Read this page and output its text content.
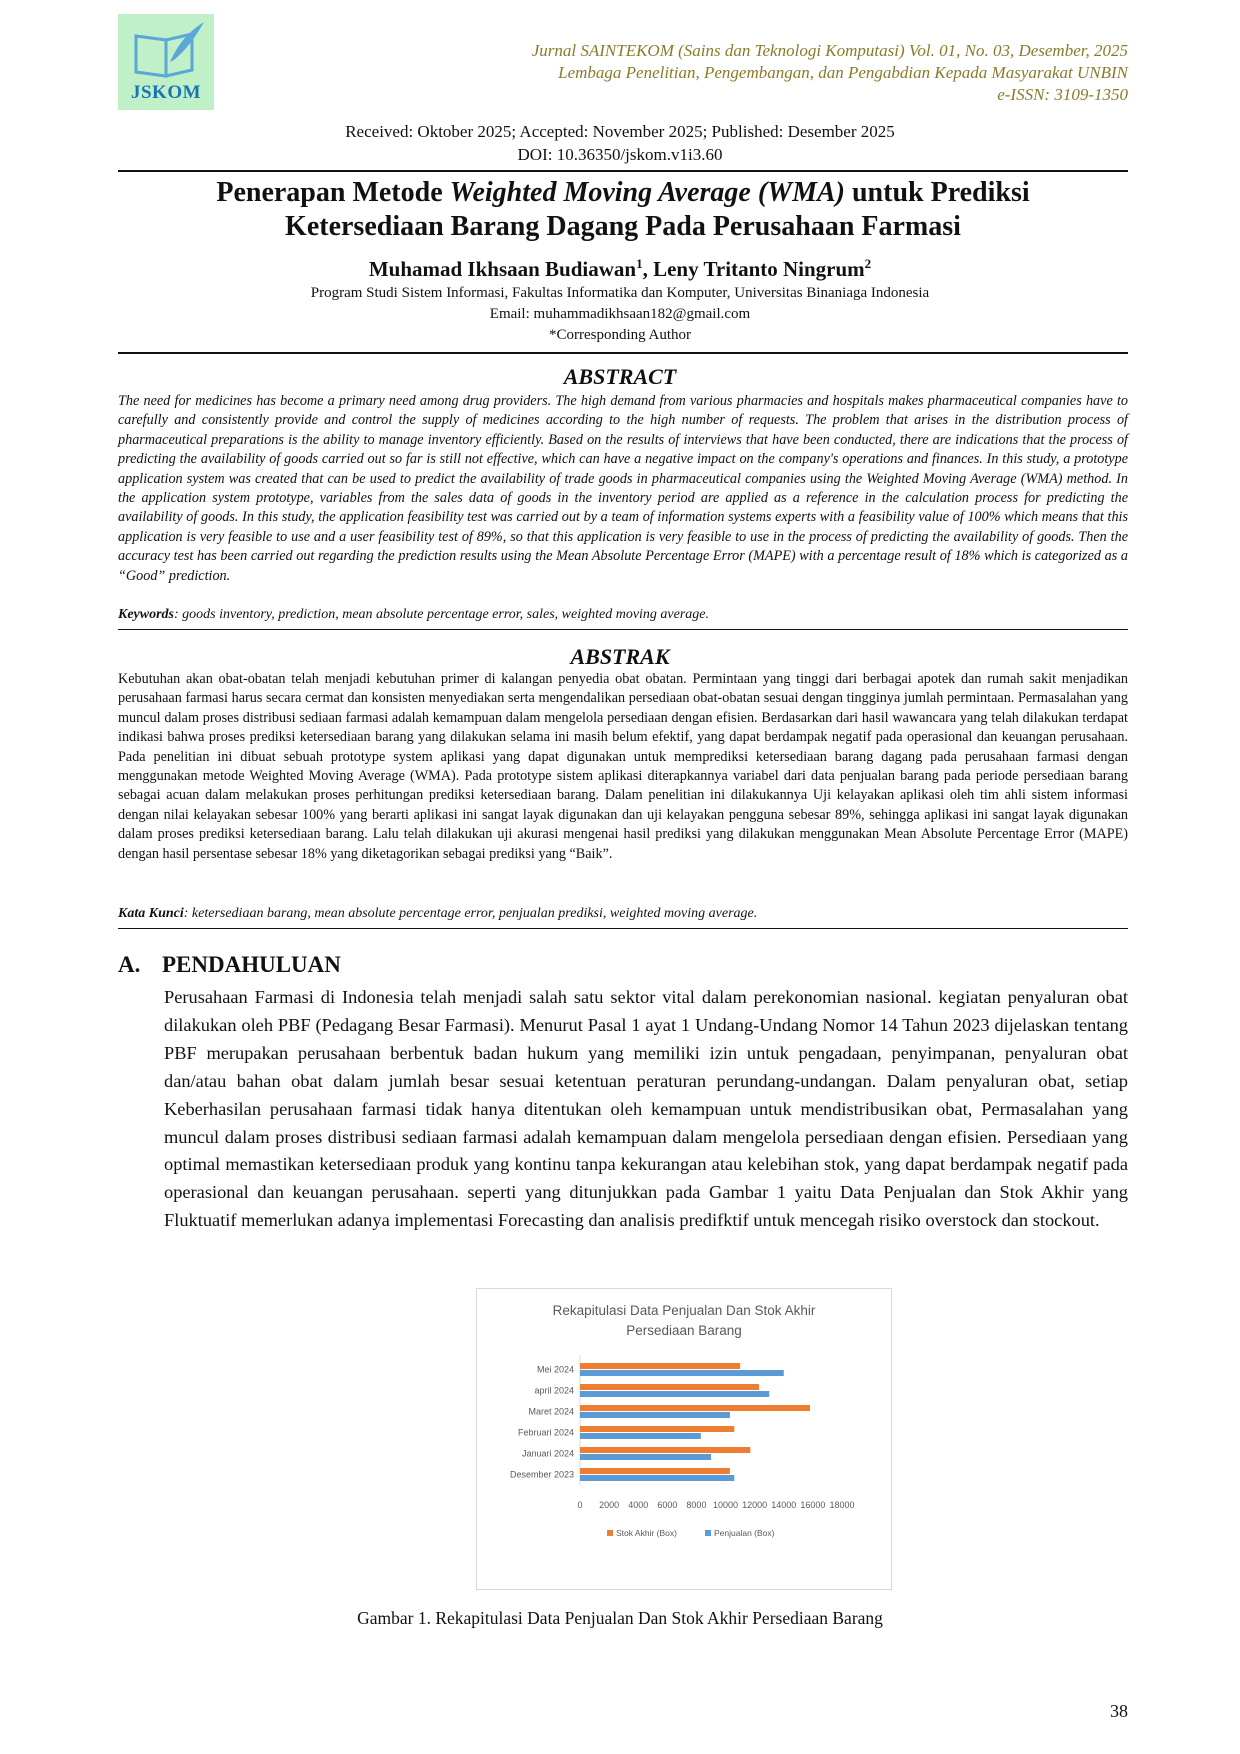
JSKOM
Jurnal SAINTEKOM (Sains dan Teknologi Komputasi) Vol. 01, No. 03, Desember, 2025
Lembaga Penelitian, Pengembangan, dan Pengabdian Kepada Masyarakat UNBIN
e-ISSN: 3109-1350
Received: Oktober 2025; Accepted: November 2025; Published: Desember 2025
DOI: 10.36350/jskom.v1i3.60
Penerapan Metode Weighted Moving Average (WMA) untuk Prediksi
Ketersediaan Barang Dagang Pada Perusahaan Farmasi
Muhamad Ikhsaan Budiawan$^1$, Leny Tritanto Ningrum$^2$
Program Studi Sistem Informasi, Fakultas Informatika dan Komputer, Universitas Binaniaga Indonesia
Email: muhammadikhsaan182@gmail.com
*Corresponding Author
ABSTRACT
The need for medicines has become a primary need among drug providers. The high demand from various pharmacies and hospitals makes pharmaceutical companies have to carefully and consistently provide and control the supply of medicines according to the high number of requests. The problem that arises in the distribution process of pharmaceutical preparations is the ability to manage inventory efficiently. Based on the results of interviews that have been conducted, there are indications that the process of predicting the availability of goods carried out so far is still not effective, which can have a negative impact on the company's operations and finances. In this study, a prototype application system was created that can be used to predict the availability of trade goods in pharmaceutical companies using the Weighted Moving Average (WMA) method. In the application system prototype, variables from the sales data of goods in the inventory period are applied as a reference in the calculation process for predicting the availability of goods. In this study, the application feasibility test was carried out by a team of information systems experts with a feasibility value of 100% which means that this application is very feasible to use and a user feasibility test of 89%, so that this application is very feasible to use in the process of predicting the availability of goods. Then the accuracy test has been carried out regarding the prediction results using the Mean Absolute Percentage Error (MAPE) with a percentage result of 18% which is categorized as a “Good” prediction.
Keywords: goods inventory, prediction, mean absolute percentage error, sales, weighted moving average.
ABSTRAK
Kebutuhan akan obat-obatan telah menjadi kebutuhan primer di kalangan penyedia obat obatan. Permintaan yang tinggi dari berbagai apotek dan rumah sakit menjadikan perusahaan farmasi harus secara cermat dan konsisten menyediakan serta mengendalikan persediaan obat-obatan sesuai dengan tingginya jumlah permintaan. Permasalahan yang muncul dalam proses distribusi sediaan farmasi adalah kemampuan dalam mengelola persediaan dengan efisien. Berdasarkan dari hasil wawancara yang telah dilakukan terdapat indikasi bahwa proses prediksi ketersediaan barang yang dilakukan selama ini masih belum efektif, yang dapat berdampak negatif pada operasional dan keuangan perusahaan. Pada penelitian ini dibuat sebuah prototype system aplikasi yang dapat digunakan untuk memprediksi ketersediaan barang dagang pada perusahaan farmasi dengan menggunakan metode Weighted Moving Average (WMA). Pada prototype sistem aplikasi diterapkannya variabel dari data penjualan barang pada periode persediaan barang sebagai acuan dalam melakukan proses perhitungan prediksi ketersediaan barang. Dalam penelitian ini dilakukannya Uji kelayakan aplikasi oleh tim ahli sistem informasi dengan nilai kelayakan sebesar 100% yang berarti aplikasi ini sangat layak digunakan dan uji kelayakan pengguna sebesar 89%, sehingga aplikasi ini sangat layak digunakan dalam proses prediksi ketersediaan barang. Lalu telah dilakukan uji akurasi mengenai hasil prediksi yang dilakukan menggunakan Mean Absolute Percentage Error (MAPE) dengan hasil persentase sebesar 18% yang diketagorikan sebagai prediksi yang “Baik”.
Kata Kunci: ketersediaan barang, mean absolute percentage error, penjualan prediksi, weighted moving average.
A. PENDAHULUAN
Perusahaan Farmasi di Indonesia telah menjadi salah satu sektor vital dalam perekonomian nasional. kegiatan penyaluran obat dilakukan oleh PBF (Pedagang Besar Farmasi). Menurut Pasal 1 ayat 1 Undang-Undang Nomor 14 Tahun 2023 dijelaskan tentang PBF merupakan perusahaan berbentuk badan hukum yang memiliki izin untuk pengadaan, penyimpanan, penyaluran obat dan/atau bahan obat dalam jumlah besar sesuai ketentuan peraturan perundang-undangan. Dalam penyaluran obat, setiap Keberhasilan perusahaan farmasi tidak hanya ditentukan oleh kemampuan untuk mendistribusikan obat, Permasalahan yang muncul dalam proses distribusi sediaan farmasi adalah kemampuan dalam mengelola persediaan dengan efisien. Persediaan yang optimal memastikan ketersediaan produk yang kontinu tanpa kekurangan atau kelebihan stok, yang dapat berdampak negatif pada operasional dan keuangan perusahaan. seperti yang ditunjukkan pada Gambar 1 yaitu Data Penjualan dan Stok Akhir yang Fluktuatif memerlukan adanya implementasi Forecasting dan analisis predifktif untuk mencegah risiko overstock dan stockout.
Rekapitulasi Data Penjualan Dan Stok Akhir
Persediaan Barang
Mei 2024
april 2024
Maret 2024
Februari 2024
Januari 2024
Desember 2023
0 2000 4000 6000 8000 10000 12000 14000 16000 18000
Stok Akhir (Box)	Penjualan (Box)
Gambar 1. Rekapitulasi Data Penjualan Dan Stok Akhir Persediaan Barang
38
